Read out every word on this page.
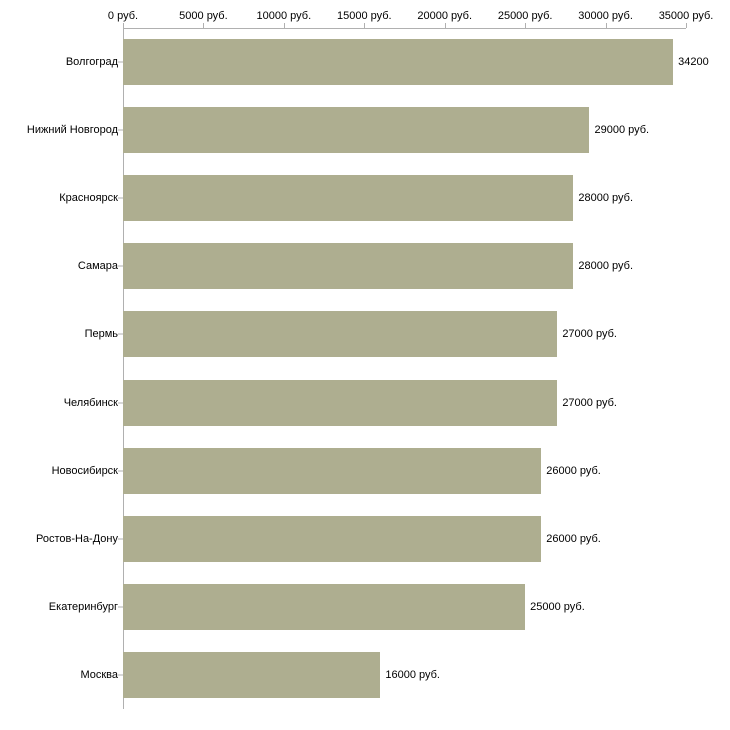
0 руб.	5000 руб.	10000 руб. 15000 руб. 20000 руб. 25000 руб. 30000 руб. 35000 руб.
Волгоград
Нижний Новгород
Красноярск
Самара
Пермь
Челябинск
Новосибирск
Ростов-На-Дону
Екатеринбург
Москва
34200
29000 руб.
28000 руб.
28000 руб.
27000 руб.
27000 руб.
26000 руб.
26000 руб.
25000 руб.
16000 руб.
